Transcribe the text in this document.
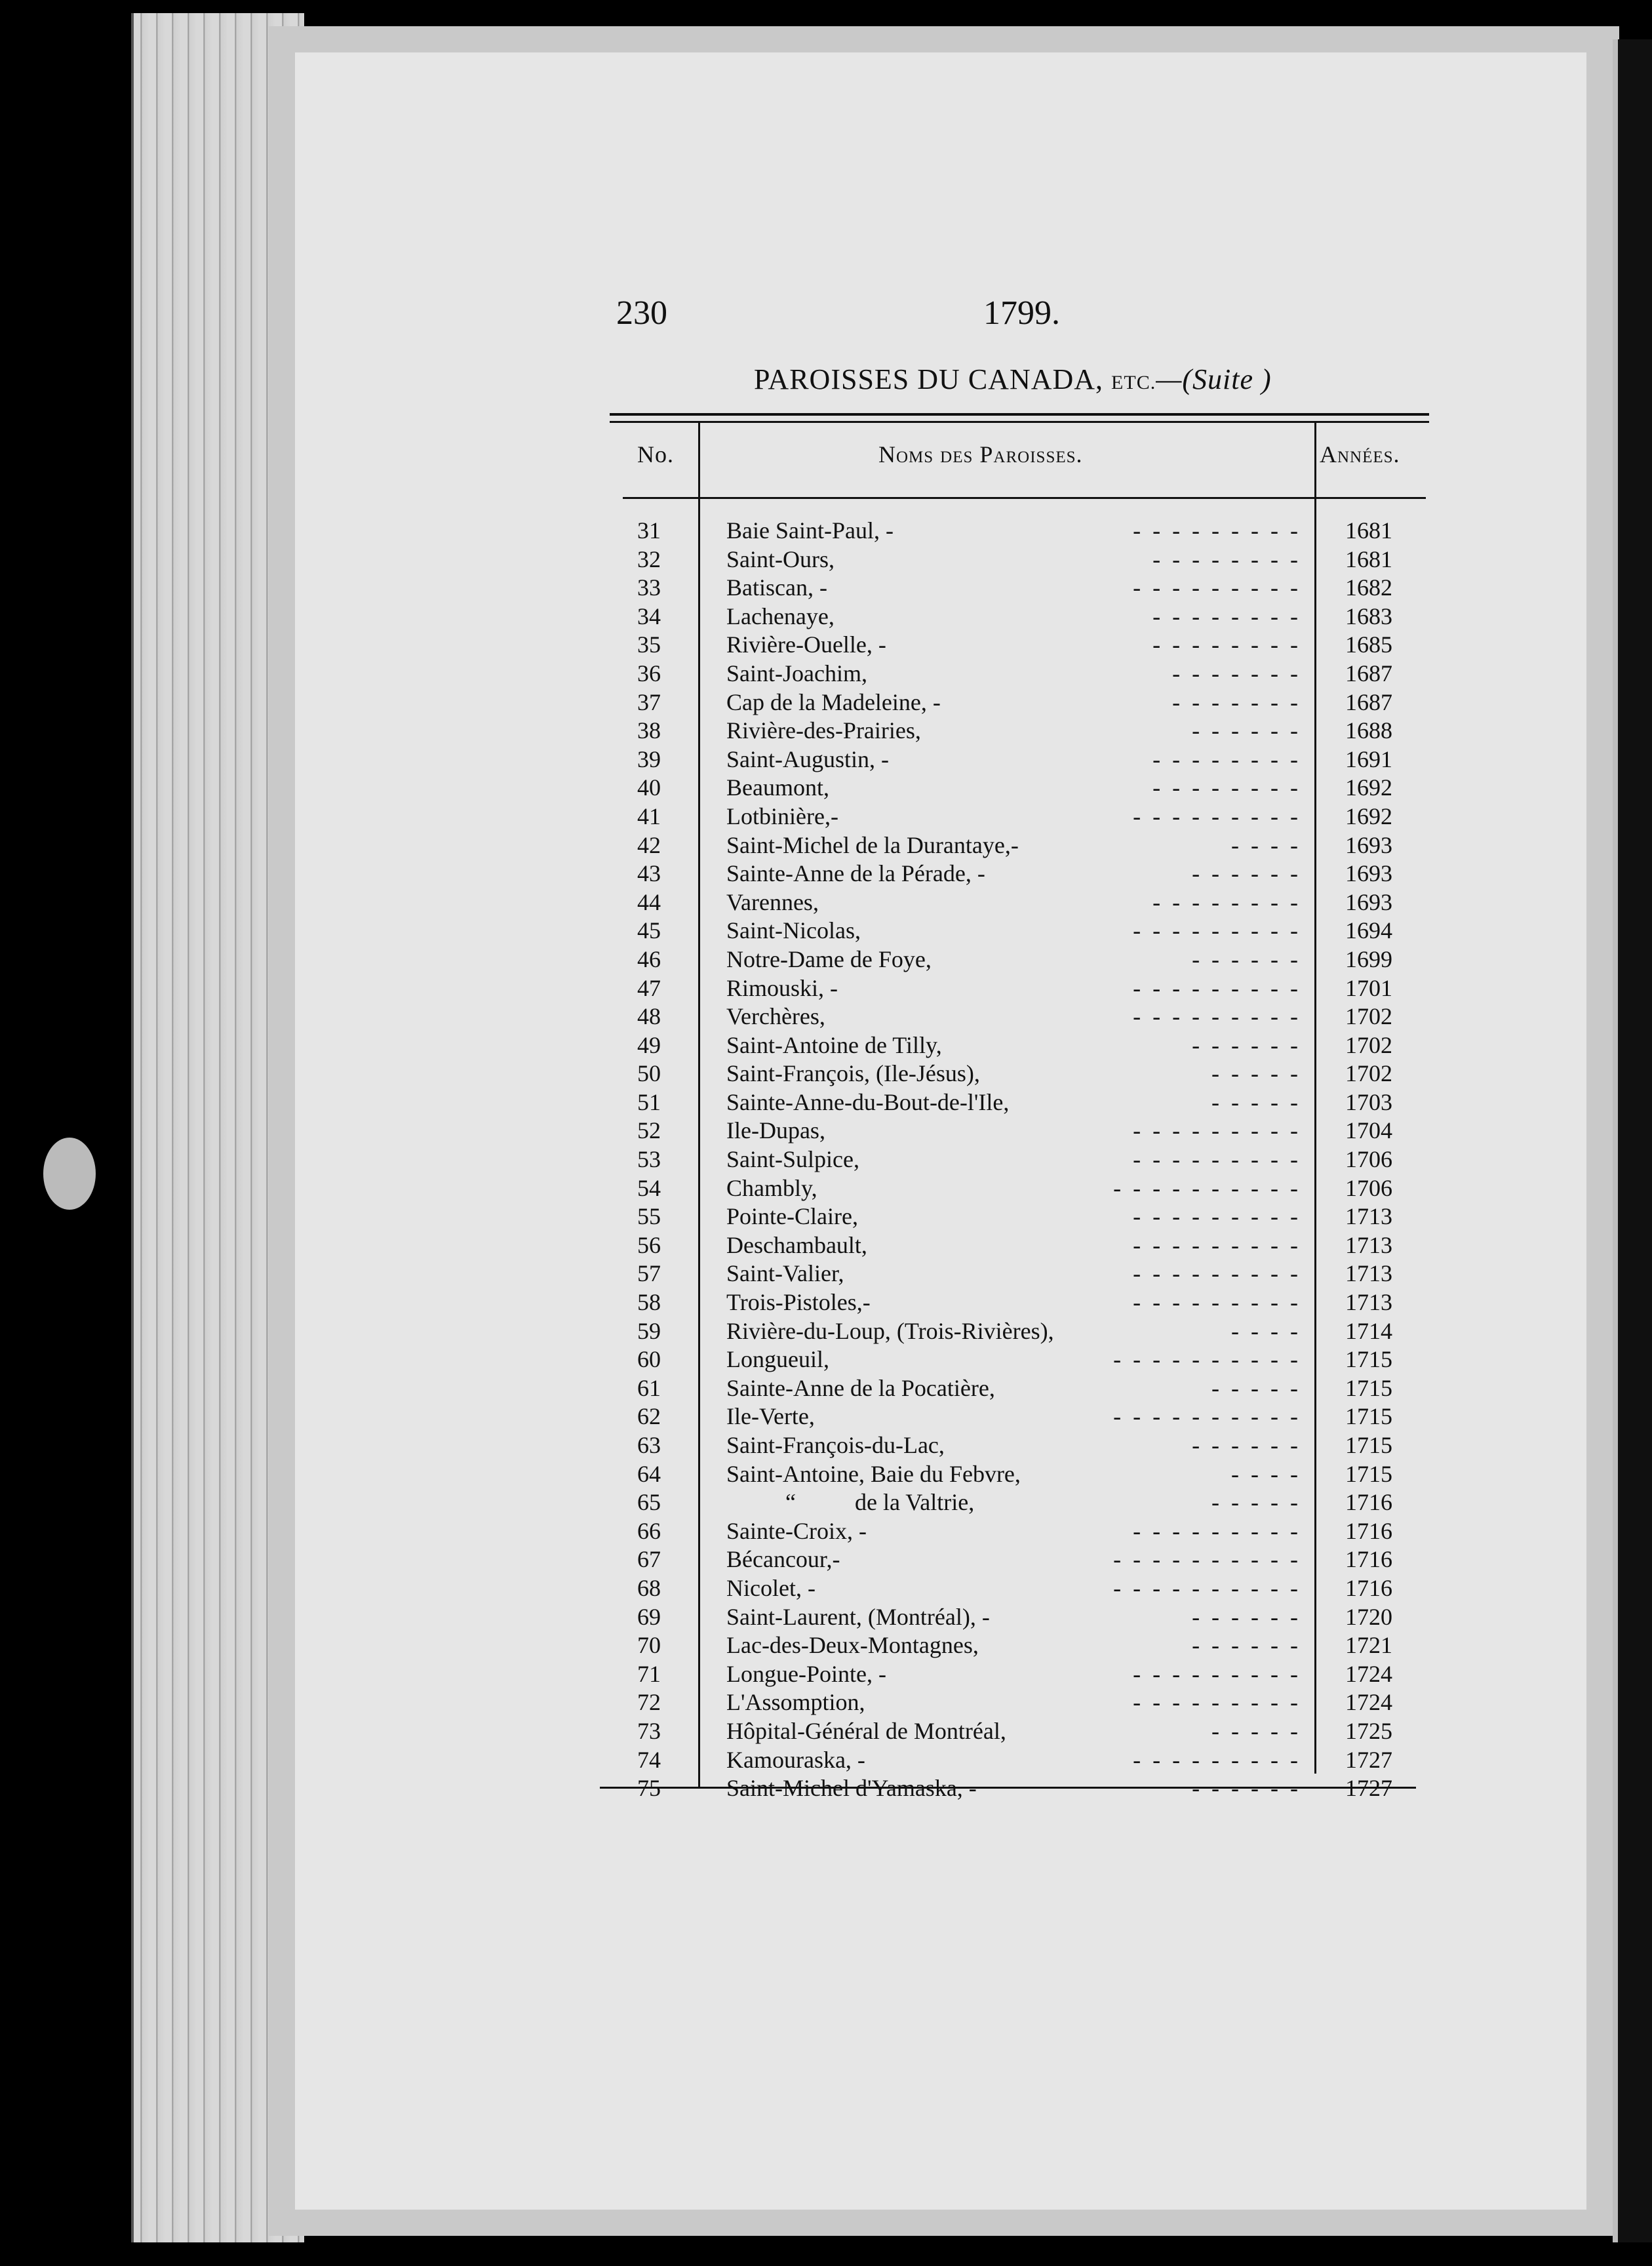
230	1799.
PAROISSES DU CANADA, ETC.—(Suite )
No.	Noms des Paroisses.	Années.
31	Baie Saint-Paul, -	-  -  -  -  -  -  -  -  - 1681
32	Saint-Ours,	-  -  -  -  -  -  -  - 1681
33	Batiscan, -	-  -  -  -  -  -  -  -  - 1682
34	Lachenaye,	-  -  -  -  -  -  -  - 1683
35	Rivière-Ouelle, -	-  -  -  -  -  -  -  - 1685
36	Saint-Joachim,	-  -  -  -  -  -  - 1687
37	Cap de la Madeleine, -	-  -  -  -  -  -  - 1687
38	Rivière-des-Prairies,	-  -  -  -  -  - 1688
39	Saint-Augustin, -	-  -  -  -  -  -  -  - 1691
40	Beaumont,	-  -  -  -  -  -  -  - 1692
41	Lotbinière,-	-  -  -  -  -  -  -  -  - 1692
42	Saint-Michel de la Durantaye,-	-  -  -  - 1693
43	Sainte-Anne de la Pérade, -	-  -  -  -  -  - 1693
44	Varennes,	-  -  -  -  -  -  -  - 1693
45	Saint-Nicolas,	-  -  -  -  -  -  -  -  - 1694
46	Notre-Dame de Foye,	-  -  -  -  -  - 1699
47	Rimouski, -	-  -  -  -  -  -  -  -  - 1701
48	Verchères,	-  -  -  -  -  -  -  -  - 1702
49	Saint-Antoine de Tilly,	-  -  -  -  -  - 1702
50	Saint-François, (Ile-Jésus),	-  -  -  -  - 1702
51	Sainte-Anne-du-Bout-de-l'Ile,	-  -  -  -  - 1703
52	Ile-Dupas,	-  -  -  -  -  -  -  -  - 1704
53	Saint-Sulpice,	-  -  -  -  -  -  -  -  - 1706
54	Chambly,	-  -  -  -  -  -  -  -  -  - 1706
55	Pointe-Claire,	-  -  -  -  -  -  -  -  - 1713
56	Deschambault,	-  -  -  -  -  -  -  -  - 1713
57	Saint-Valier,	-  -  -  -  -  -  -  -  - 1713
58	Trois-Pistoles,-	-  -  -  -  -  -  -  -  - 1713
59	Rivière-du-Loup, (Trois-Rivières),	-  -  -  - 1714
60	Longueuil,	-  -  -  -  -  -  -  -  -  - 1715
61	Sainte-Anne de la Pocatière,	-  -  -  -  - 1715
62	Ile-Verte,	-  -  -  -  -  -  -  -  -  - 1715
63	Saint-François-du-Lac,	-  -  -  -  -  - 1715
64	Saint-Antoine, Baie du Febvre,	-  -  -  - 1715
65	“          de la Valtrie,	-  -  -  -  - 1716
66	Sainte-Croix, -	-  -  -  -  -  -  -  -  - 1716
67	Bécancour,-	-  -  -  -  -  -  -  -  -  - 1716
68	Nicolet, -	-  -  -  -  -  -  -  -  -  - 1716
69	Saint-Laurent, (Montréal), -	-  -  -  -  -  - 1720
70	Lac-des-Deux-Montagnes,	-  -  -  -  -  - 1721
71	Longue-Pointe, -	-  -  -  -  -  -  -  -  - 1724
72	L'Assomption,	-  -  -  -  -  -  -  -  - 1724
73	Hôpital-Général de Montréal,	-  -  -  -  - 1725
74	Kamouraska, -	-  -  -  -  -  -  -  -  - 1727
75	Saint-Michel d'Yamaska, -	-  -  -  -  -  - 1727
